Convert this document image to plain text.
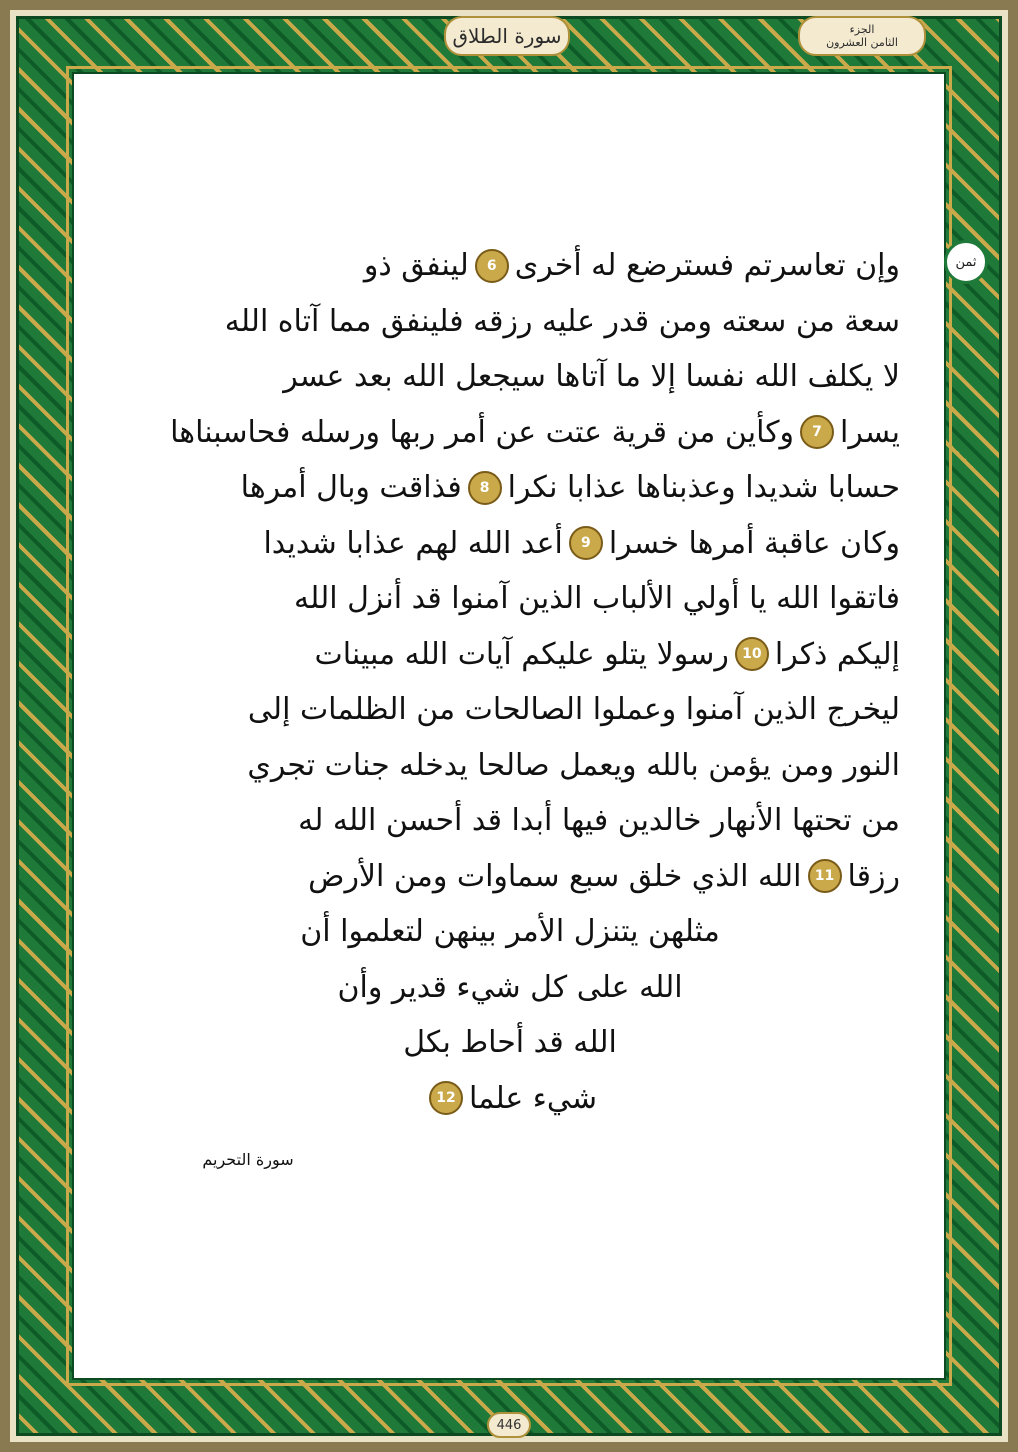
سورة الطلاق	الجزء
الثامن العشرون
ثمن
وإن تعاسرتم فسترضع له أخرى
6
لينفق ذو
سعة من سعته ومن قدر عليه رزقه فلينفق مما آتاه الله
لا يكلف الله نفسا إلا ما آتاها سيجعل الله بعد عسر
يسرا
7
وكأين من قرية عتت عن أمر ربها ورسله فحاسبناها
حسابا شديدا وعذبناها عذابا نكرا
8
فذاقت وبال أمرها
وكان عاقبة أمرها خسرا
9
أعد الله لهم عذابا شديدا
فاتقوا الله يا أولي الألباب الذين آمنوا قد أنزل الله
إليكم ذكرا
10
رسولا يتلو عليكم آيات الله مبينات
ليخرج الذين آمنوا وعملوا الصالحات من الظلمات إلى
النور ومن يؤمن بالله ويعمل صالحا يدخله جنات تجري
من تحتها الأنهار خالدين فيها أبدا قد أحسن الله له
رزقا
11
الله الذي خلق سبع سماوات ومن الأرض
مثلهن يتنزل الأمر بينهن لتعلموا أن
الله على كل شيء قدير وأن
الله قد أحاط بكل
شيء علما
12
سورة التحريم
446
